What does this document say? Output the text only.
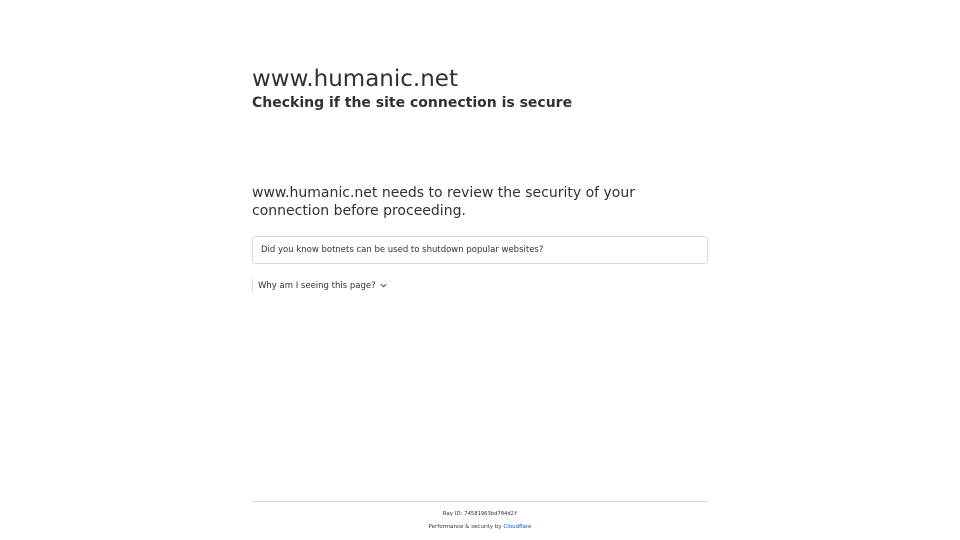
www.humanic.net
Checking if the site connection is secure

www.humanic.net needs to review the security of your connection before proceeding.

Did you know botnets can be used to shutdown popular websites?
Why am I seeing this page?
Ray ID: 74581963bd704d2f
Performance & security by Cloudflare
